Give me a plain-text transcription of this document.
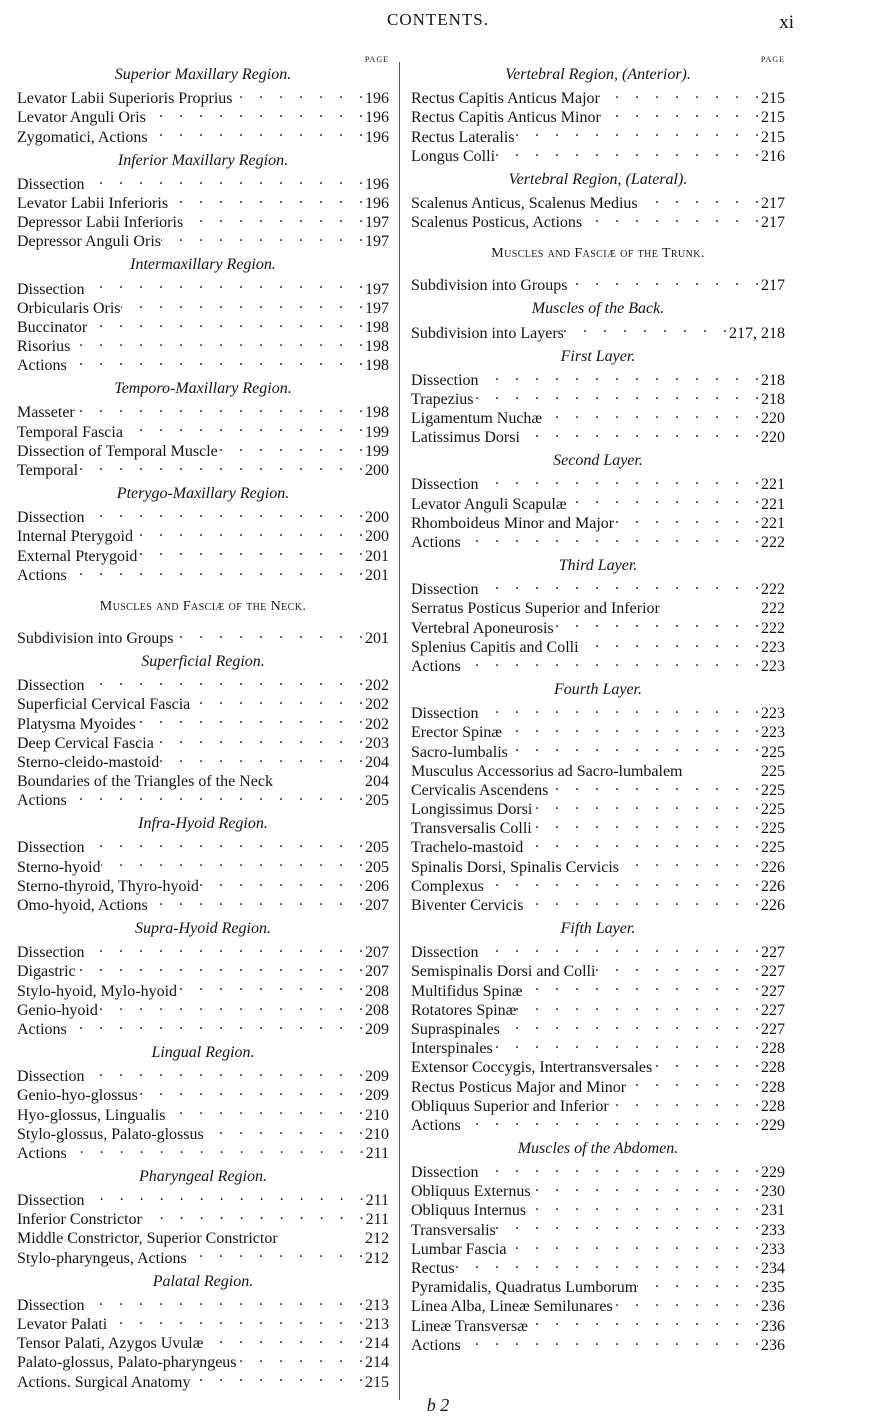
CONTENTS.	xi
PAGE
Superior Maxillary Region.
Levator Labii Superioris Proprius . . .	196
Levator Anguli Oris . . .	196
Zygomatici, Actions . . .	196
Inferior Maxillary Region.
Dissection . . .	196
Levator Labii Inferioris . . .	196
Depressor Labii Inferioris . . .	197
Depressor Anguli Oris . . .	197
Intermaxillary Region.
Dissection . . .	197
Orbicularis Oris . . .	197
Buccinator . . .	198
Risorius . . .	198
Actions . . .	198
Temporo-Maxillary Region.
Masseter . . .	198
Temporal Fascia . . .	199
Dissection of Temporal Muscle . . .	199
Temporal . . .	200
Pterygo-Maxillary Region.
Dissection . . .	200
Internal Pterygoid . . .	200
External Pterygoid . . .	201
Actions . . .	201
Muscles and Fasciæ of the Neck.
Subdivision into Groups . . .	201
Superficial Region.
Dissection . . .	202
Superficial Cervical Fascia . . .	202
Platysma Myoides . . .	202
Deep Cervical Fascia . . .	203
Sterno-cleido-mastoid . . .	204
Boundaries of the Triangles of the Neck	204
Actions . . .	205
Infra-Hyoid Region.
Dissection . . .	205
Sterno-hyoid . . .	205
Sterno-thyroid, Thyro-hyoid . . .	206
Omo-hyoid, Actions . . .	207
Supra-Hyoid Region.
Dissection . . .	207
Digastric . . .	207
Stylo-hyoid, Mylo-hyoid . . .	208
Genio-hyoid . . .	208
Actions . . .	209
Lingual Region.
Dissection . . .	209
Genio-hyo-glossus . . .	209
Hyo-glossus, Lingualis . . .	210
Stylo-glossus, Palato-glossus . . .	210
Actions . . .	211
Pharyngeal Region.
Dissection . . .	211
Inferior Constrictor . . .	211
Middle Constrictor, Superior Constrictor	212
Stylo-pharyngeus, Actions . . .	212
Palatal Region.
Dissection . . .	213
Levator Palati . . .	213
Tensor Palati, Azygos Uvulæ . . .	214
Palato-glossus, Palato-pharyngeus . . .	214
Actions. Surgical Anatomy . . .	215
PAGE
Vertebral Region, (Anterior).
Rectus Capitis Anticus Major . . .	215
Rectus Capitis Anticus Minor . . .	215
Rectus Lateralis . . .	215
Longus Colli . . .	216
Vertebral Region, (Lateral).
Scalenus Anticus, Scalenus Medius . . .	217
Scalenus Posticus, Actions . . .	217
Muscles and Fasciæ of the Trunk.
Subdivision into Groups . . .	217
Muscles of the Back.
Subdivision into Layers . . .	217, 218
First Layer.
Dissection . . .	218
Trapezius . . .	218
Ligamentum Nuchæ . . .	220
Latissimus Dorsi . . .	220
Second Layer.
Dissection . . .	221
Levator Anguli Scapulæ . . .	221
Rhomboideus Minor and Major . . .	221
Actions . . .	222
Third Layer.
Dissection . . .	222
Serratus Posticus Superior and Inferior	222
Vertebral Aponeurosis . . .	222
Splenius Capitis and Colli . . .	223
Actions . . .	223
Fourth Layer.
Dissection . . .	223
Erector Spinæ . . .	223
Sacro-lumbalis . . .	225
Musculus Accessorius ad Sacro-lumbalem	225
Cervicalis Ascendens . . .	225
Longissimus Dorsi . . .	225
Transversalis Colli . . .	225
Trachelo-mastoid . . .	225
Spinalis Dorsi, Spinalis Cervicis . . .	226
Complexus . . .	226
Biventer Cervicis . . .	226
Fifth Layer.
Dissection . . .	227
Semispinalis Dorsi and Colli . . .	227
Multifidus Spinæ . . .	227
Rotatores Spinæ . . .	227
Supraspinales . . .	227
Interspinales . . .	228
Extensor Coccygis, Intertransversales . . .	228
Rectus Posticus Major and Minor . . .	228
Obliquus Superior and Inferior . . .	228
Actions . . .	229
Muscles of the Abdomen.
Dissection . . .	229
Obliquus Externus . . .	230
Obliquus Internus . . .	231
Transversalis . . .	233
Lumbar Fascia . . .	233
Rectus . . .	234
Pyramidalis, Quadratus Lumborum . . .	235
Linea Alba, Lineæ Semilunares . . .	236
Lineæ Transversæ . . .	236
Actions . . .	236
b 2
